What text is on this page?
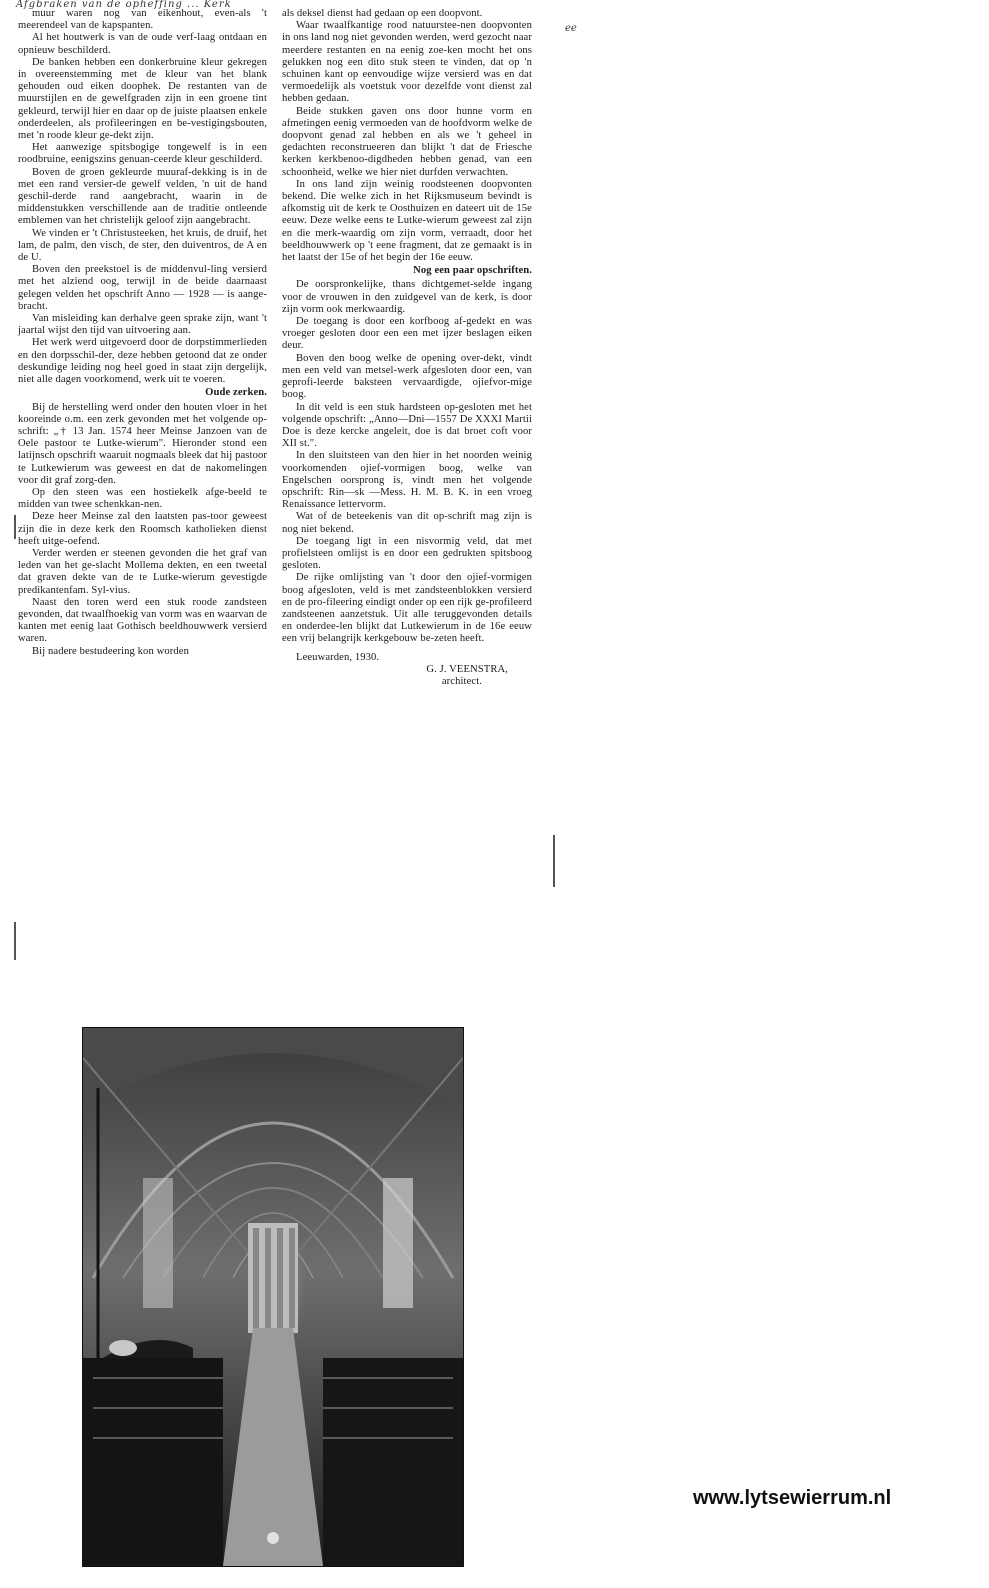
Afgbraken van de opheffing ... Kerk
ee

muur waren nog van eikenhout, even-als 't meerendeel van de kapspanten.

Al het houtwerk is van de oude verf-laag ontdaan en opnieuw beschilderd.

De banken hebben een donkerbruine kleur gekregen in overeenstemming met de kleur van het blank gehouden oud eiken doophek. De restanten van de muurstijlen en de gewelfgraden zijn in een groene tint gekleurd, terwijl hier en daar op de juiste plaatsen enkele onderdeelen, als profileeringen en be-vestigingsbouten, met 'n roode kleur ge-dekt zijn.

Het aanwezige spitsbogige tongewelf is in een roodbruine, eenigszins genuan-ceerde kleur geschilderd.

Boven de groen gekleurde muuraf-dekking is in de met een rand versier-de gewelf velden, 'n uit de hand geschil-derde rand aangebracht, waarin in de middenstukken verschillende aan de traditie ontleende emblemen van het christelijk geloof zijn aangebracht.

We vinden er 't Christusteeken, het kruis, de druif, het lam, de palm, den visch, de ster, den duiventros, de A en de U.

Boven den preekstoel is de middenvul-ling versierd met het alziend oog, terwijl in de beide daarnaast gelegen velden het opschrift Anno — 1928 — is aange-bracht.

Van misleiding kan derhalve geen sprake zijn, want 't jaartal wijst den tijd van uitvoering aan.

Het werk werd uitgevoerd door de dorpstimmerlieden en den dorpsschil-der, deze hebben getoond dat ze onder deskundige leiding nog heel goed in staat zijn dergelijk, niet alle dagen voorkomend, werk uit te voeren.

Oude zerken.

Bij de herstelling werd onder den houten vloer in het kooreinde o.m. een zerk gevonden met het volgende op-schrift: „† 13 Jan. 1574 heer Meinse Janzoen van de Oele pastoor te Lutke-wierum". Hieronder stond een latijnsch opschrift waaruit nogmaals bleek dat hij pastoor te Lutkewierum was geweest en dat de nakomelingen voor dit graf zorg-den.

Op den steen was een hostiekelk afge-beeld te midden van twee schenkkan-nen.

Deze heer Meinse zal den laatsten pas-toor geweest zijn die in deze kerk den Roomsch katholieken dienst heeft uitge-oefend.

Verder werden er steenen gevonden die het graf van leden van het ge-slacht Mollema dekten, en een tweetal dat graven dekte van de te Lutke-wierum gevestigde predikantenfam. Syl-vius.

Naast den toren werd een stuk roode zandsteen gevonden, dat twaalfhoekig van vorm was en waarvan de kanten met eenig laat Gothisch beeldhouwwerk versierd waren.

Bij nadere bestudeering kon worden

als deksel dienst had gedaan op een doopvont.

Waar twaalfkantige rood natuurstee-nen doopvonten in ons land nog niet gevonden werden, werd gezocht naar meerdere restanten en na eenig zoe-ken mocht het ons gelukken nog een dito stuk steen te vinden, dat op 'n schuinen kant op eenvoudige wijze versierd was en dat vermoedelijk als voetstuk voor dezelfde vont dienst zal hebben gedaan.

Beide stukken gaven ons door hunne vorm en afmetingen eenig vermoeden van de hoofdvorm welke de doopvont genad zal hebben en als we 't geheel in gedachten reconstrueeren dan blijkt 't dat de Friesche kerken kerkbenoo-digdheden hebben genad, van een schoonheid, welke we hier niet durfden verwachten.

In ons land zijn weinig roodsteenen doopvonten bekend. Die welke zich in het Rijksmuseum bevindt is afkomstig uit de kerk te Oosthuizen en dateert uit de 15e eeuw. Deze welke eens te Lutke-wierum geweest zal zijn en die merk-waardig om zijn vorm, verraadt, door het beeldhouwwerk op 't eene fragment, dat ze gemaakt is in het laatst der 15e of het begin der 16e eeuw.

Nog een paar opschriften.

De oorspronkelijke, thans dichtgemet-selde ingang voor de vrouwen in den zuidgevel van de kerk, is door zijn vorm ook merkwaardig.

De toegang is door een korfboog af-gedekt en was vroeger gesloten door een een met ijzer beslagen eiken deur.

Boven den boog welke de opening over-dekt, vindt men een veld van metsel-werk afgesloten door een, van geprofi-leerde baksteen vervaardigde, ojiefvor-mige boog.

In dit veld is een stuk hardsteen op-gesloten met het volgende opschrift: „Anno—Dni—1557 De XXXI Martii Doe is deze kercke angeleit, doe is dat broet coft voor XII st.".

In den sluitsteen van den hier in het noorden weinig voorkomenden ojief-vormigen boog, welke van Engelschen oorsprong is, vindt men het volgende opschrift: Rin—sk —Mess. H. M. B. K. in een vroeg Renaissance lettervorm.

Wat of de beteekenis van dit op-schrift mag zijn is nog niet bekend.

De toegang ligt in een nisvormig veld, dat met profielsteen omlijst is en door een gedrukten spitsboog gesloten.

De rijke omlijsting van 't door den ojief-vormigen boog afgesloten, veld is met zandsteenblokken versierd en de pro-fileering eindigt onder op een rijk ge-profileerd zandsteenen aanzetstuk. Uit alle teruggevonden details en onderdee-len blijkt dat Lutkewierum in de 16e eeuw een vrij belangrijk kerkgebouw be-zeten heeft.

Leeuwarden, 1930.

G. J. VEENSTRA,

architect.

www.lytsewierrum.nl
